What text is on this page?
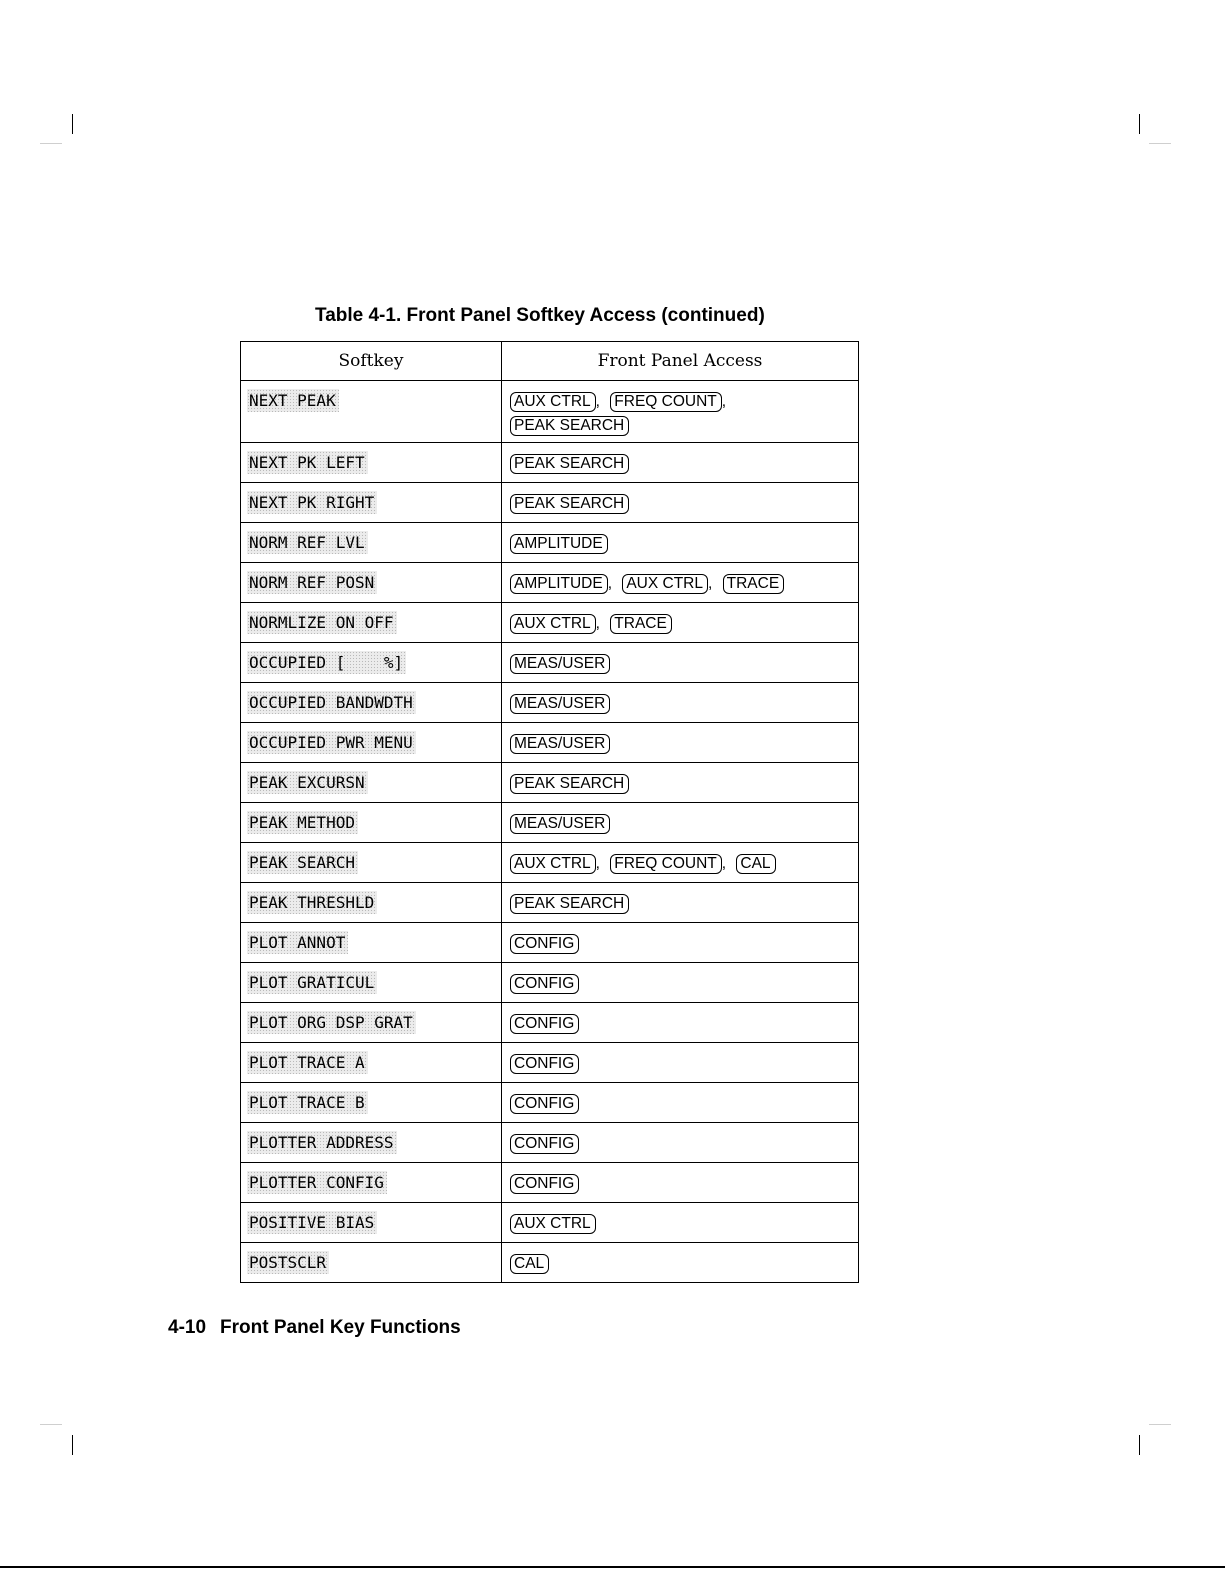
Table 4-1. Front Panel Softkey Access (continued)
Softkey	Front Panel Access
NEXT PEAK	AUX CTRL , FREQ COUNT ,
PEAK SEARCH

NEXT PK LEFT	PEAK SEARCH

NEXT PK RIGHT	PEAK SEARCH

NORM REF LVL	AMPLITUDE

NORM REF POSN	AMPLITUDE , AUX CTRL , TRACE

NORMLIZE ON OFF	AUX CTRL , TRACE

OCCUPIED [    %]	MEAS/USER

OCCUPIED BANDWDTH	MEAS/USER

OCCUPIED PWR MENU	MEAS/USER

PEAK EXCURSN	PEAK SEARCH

PEAK METHOD	MEAS/USER

PEAK SEARCH	AUX CTRL , FREQ COUNT , CAL

PEAK THRESHLD	PEAK SEARCH

PLOT ANNOT	CONFIG

PLOT GRATICUL	CONFIG

PLOT ORG DSP GRAT	CONFIG

PLOT TRACE A	CONFIG

PLOT TRACE B	CONFIG

PLOTTER ADDRESS	CONFIG

PLOTTER CONFIG	CONFIG

POSITIVE BIAS	AUX CTRL

POSTSCLR	CAL
4-10 Front Panel Key Functions
